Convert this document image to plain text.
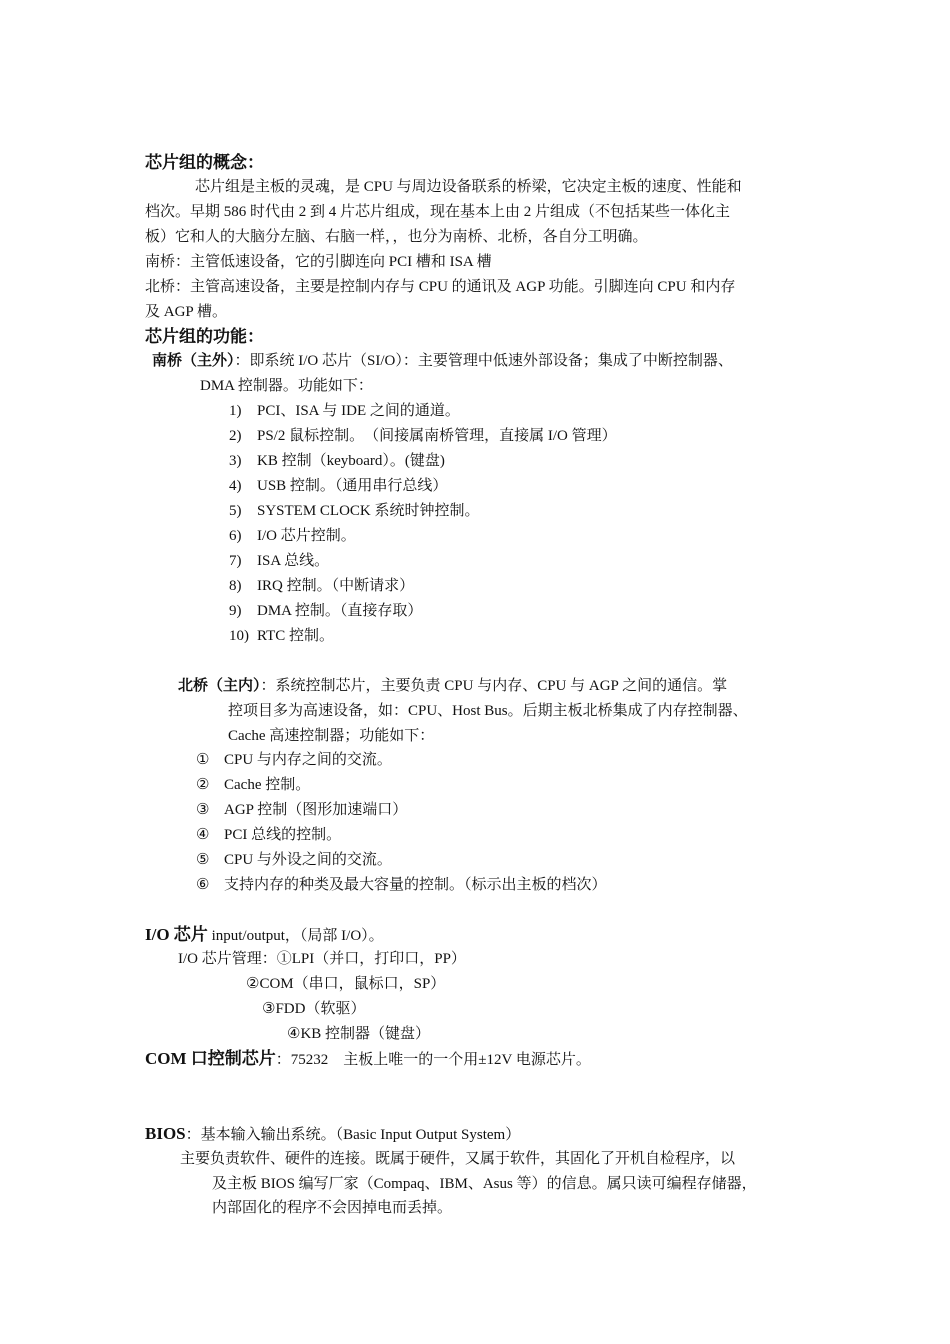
芯片组的概念：
芯片组是主板的灵魂，是 CPU 与周边设备联系的桥梁，它决定主板的速度、性能和
档次。早期 586 时代由 2 到 4 片芯片组成，现在基本上由 2 片组成（不包括某些一体化主
板）它和人的大脑分左脑、右脑一样，，也分为南桥、北桥，各自分工明确。
南桥：主管低速设备，它的引脚连向 PCI 槽和 ISA 槽
北桥：主管高速设备，主要是控制内存与 CPU 的通讯及 AGP 功能。引脚连向 CPU 和内存
及 AGP 槽。
芯片组的功能：
南桥（主外）：即系统 I/O 芯片（SI/O）：主要管理中低速外部设备；集成了中断控制器、
DMA 控制器。功能如下：
1) PCI、ISA 与 IDE 之间的通道。
2) PS/2 鼠标控制。　（间接属南桥管理，直接属 I/O 管理）
3) KB 控制（keyboard）。(键盘)
4) USB 控制。（通用串行总线）
5) SYSTEM CLOCK 系统时钟控制。
6) I/O 芯片控制。
7) ISA 总线。
8) IRQ 控制。（中断请求）
9) DMA 控制。（直接存取）
10) RTC 控制。
北桥（主内）：系统控制芯片，主要负责 CPU 与内存、CPU 与 AGP 之间的通信。掌
控项目多为高速设备，如：CPU、Host Bus。后期主板北桥集成了内存控制器、
Cache 高速控制器；功能如下：
① CPU 与内存之间的交流。
② Cache 控制。
③ AGP 控制（图形加速端口）
④ PCI 总线的控制。
⑤ CPU 与外设之间的交流。
⑥ 支持内存的种类及最大容量的控制。（标示出主板的档次）
I/O 芯片 input/output，（局部 I/O）。
I/O 芯片管理：①LPI（并口，打印口，PP）
②COM（串口，鼠标口，SP）
③FDD（软驱）
④KB 控制器（键盘）
COM 口控制芯片：75232　主板上唯一的一个用±12V 电源芯片。
BIOS：基本输入输出系统。（Basic Input Output System）
主要负责软件、硬件的连接。既属于硬件，又属于软件，其固化了开机自检程序，以
及主板 BIOS 编写厂家（Compaq、IBM、Asus 等）的信息。属只读可编程存储器，
内部固化的程序不会因掉电而丢掉。
